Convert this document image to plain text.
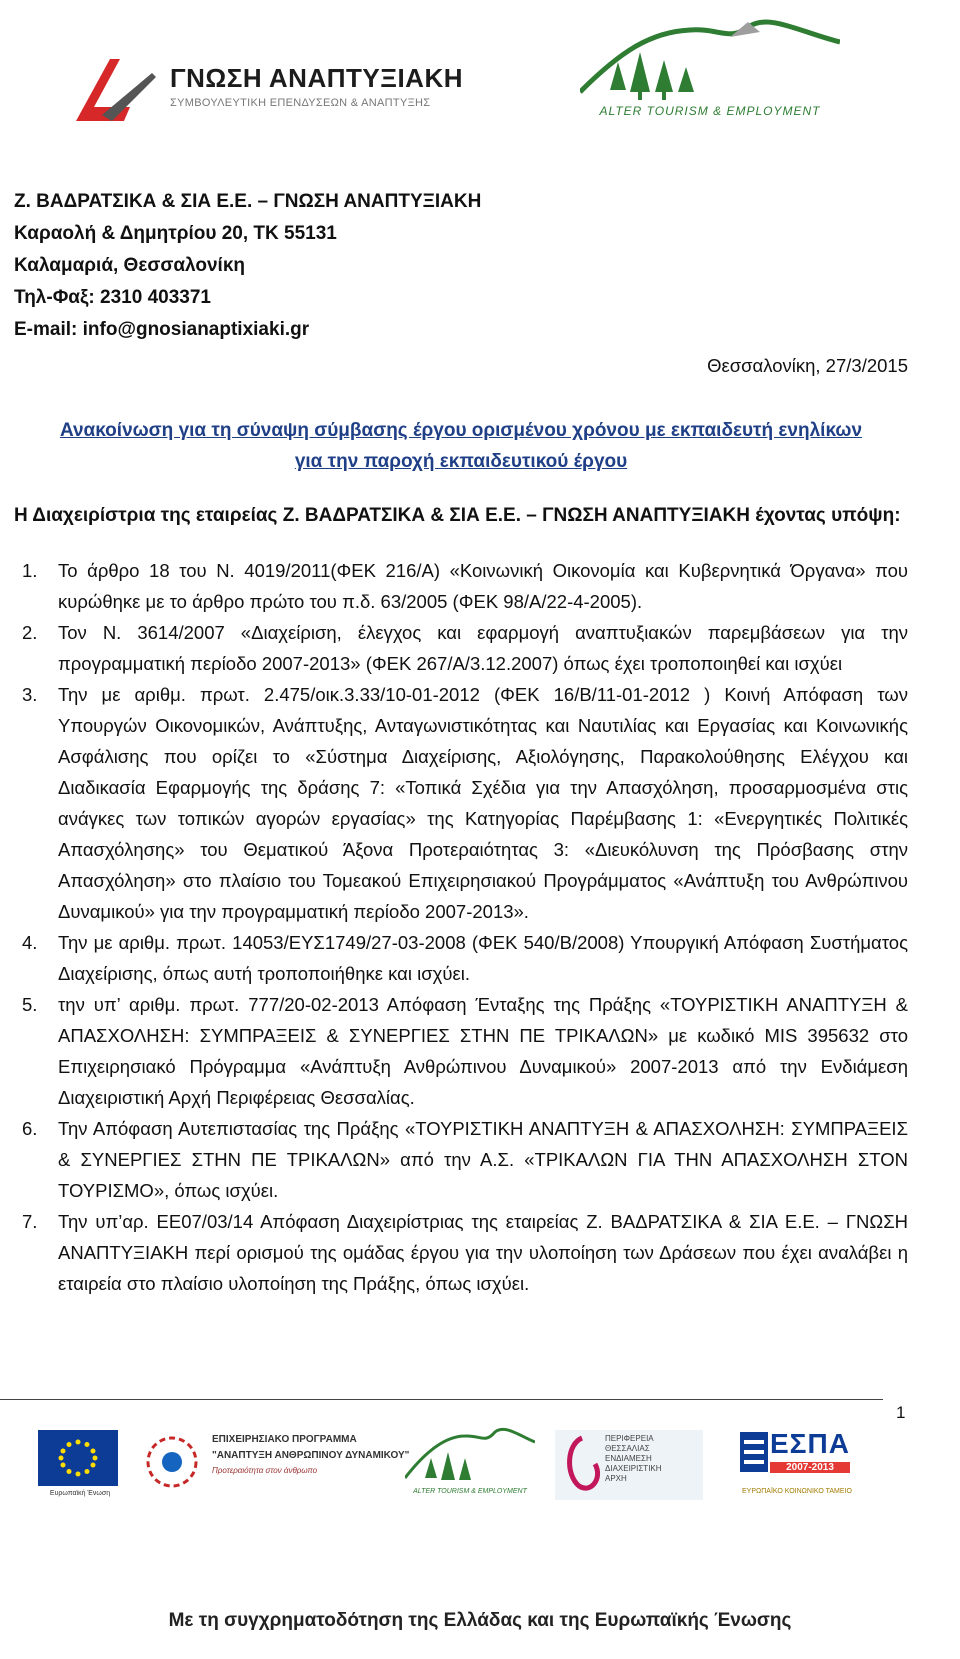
ΓΝΩΣΗ ΑΝΑΠΤΥΞΙΑΚΗ
ΣΥΜΒΟΥΛΕΥΤΙΚΗ ΕΠΕΝΔΥΣΕΩΝ & ΑΝΑΠΤΥΞΗΣ
ALTER TOURISM & EMPLOYMENT
Ζ. ΒΑΔΡΑΤΣΙΚΑ & ΣΙΑ Ε.Ε. – ΓΝΩΣΗ ΑΝΑΠΤΥΞΙΑΚΗ
Καραολή & Δημητρίου 20, ΤΚ 55131
Καλαμαριά, Θεσσαλονίκη
Τηλ-Φαξ: 2310 403371
E-mail: info@gnosianaptixiaki.gr
Θεσσαλονίκη, 27/3/2015
Ανακοίνωση για τη σύναψη σύμβασης έργου ορισμένου χρόνου με εκπαιδευτή ενηλίκων
για την παροχή εκπαιδευτικού έργου
Η Διαχειρίστρια της εταιρείας Ζ. ΒΑΔΡΑΤΣΙΚΑ & ΣΙΑ Ε.Ε. – ΓΝΩΣΗ ΑΝΑΠΤΥΞΙΑΚΗ έχοντας υπόψη:

1. Το άρθρο 18 του Ν. 4019/2011(ΦΕΚ 216/Α) «Κοινωνική Οικονομία και Κυβερνητικά Όργανα» που κυρώθηκε με το άρθρο πρώτο του π.δ. 63/2005 (ΦΕΚ 98/Α/22-4-2005).

2. Τον Ν. 3614/2007 «Διαχείριση, έλεγχος και εφαρμογή αναπτυξιακών παρεμβάσεων για την προγραμματική περίοδο 2007-2013» (ΦΕΚ 267/Α/3.12.2007) όπως έχει τροποποιηθεί και ισχύει

3. Την με αριθμ. πρωτ. 2.475/οικ.3.33/10-01-2012 (ΦΕΚ 16/Β/11-01-2012 ) Κοινή Απόφαση των Υπουργών Οικονομικών, Ανάπτυξης, Ανταγωνιστικότητας και Ναυτιλίας και Εργασίας και Κοινωνικής Ασφάλισης που ορίζει το «Σύστημα Διαχείρισης, Αξιολόγησης, Παρακολούθησης Ελέγχου και Διαδικασία Εφαρμογής της δράσης 7: «Τοπικά Σχέδια για την Απασχόληση, προσαρμοσμένα στις ανάγκες των τοπικών αγορών εργασίας» της Κατηγορίας Παρέμβασης 1: «Ενεργητικές Πολιτικές Απασχόλησης» του Θεματικού Άξονα Προτεραιότητας 3: «Διευκόλυνση της Πρόσβασης στην Απασχόληση» στο πλαίσιο του Τομεακού Επιχειρησιακού Προγράμματος «Ανάπτυξη του Ανθρώπινου Δυναμικού» για την προγραμματική περίοδο 2007-2013».

4. Την με αριθμ. πρωτ. 14053/ΕΥΣ1749/27-03-2008 (ΦΕΚ 540/Β/2008) Υπουργική Απόφαση Συστήματος Διαχείρισης, όπως αυτή τροποποιήθηκε και ισχύει.

5. την υπ’ αριθμ. πρωτ. 777/20-02-2013 Απόφαση Ένταξης της Πράξης «ΤΟΥΡΙΣΤΙΚΗ ΑΝΑΠΤΥΞΗ & ΑΠΑΣΧΟΛΗΣΗ: ΣΥΜΠΡΑΞΕΙΣ & ΣΥΝΕΡΓΙΕΣ ΣΤΗΝ ΠΕ ΤΡΙΚΑΛΩΝ» με κωδικό MIS 395632 στο Επιχειρησιακό Πρόγραμμα «Ανάπτυξη Ανθρώπινου Δυναμικού» 2007-2013 από την Ενδιάμεση Διαχειριστική Αρχή Περιφέρειας Θεσσαλίας.

6. Την Απόφαση Αυτεπιστασίας της Πράξης «ΤΟΥΡΙΣΤΙΚΗ ΑΝΑΠΤΥΞΗ & ΑΠΑΣΧΟΛΗΣΗ: ΣΥΜΠΡΑΞΕΙΣ & ΣΥΝΕΡΓΙΕΣ ΣΤΗΝ ΠΕ ΤΡΙΚΑΛΩΝ» από την Α.Σ. «ΤΡΙΚΑΛΩΝ ΓΙΑ ΤΗΝ ΑΠΑΣΧΟΛΗΣΗ ΣΤΟΝ ΤΟΥΡΙΣΜΟ», όπως ισχύει.

7. Την υπ’αρ. ΕΕ07/03/14 Απόφαση Διαχειρίστριας της εταιρείας Ζ. ΒΑΔΡΑΤΣΙΚΑ & ΣΙΑ Ε.Ε. – ΓΝΩΣΗ ΑΝΑΠΤΥΞΙΑΚΗ περί ορισμού της ομάδας έργου για την υλοποίηση των Δράσεων που έχει αναλάβει η εταιρεία στο πλαίσιο υλοποίηση της Πράξης, όπως ισχύει.

1
Ευρωπαϊκή Ένωση
ΕΠΙΧΕΙΡΗΣΙΑΚΟ ΠΡΟΓΡΑΜΜΑ
"ΑΝΑΠΤΥΞΗ ΑΝΘΡΩΠΙΝΟΥ ΔΥΝΑΜΙΚΟΥ"
Προτεραιότητα στον άνθρωπο
ALTER TOURISM & EMPLOYMENT
ΠΕΡΙΦΕΡΕΙΑ
ΘΕΣΣΑΛΙΑΣ
ΕΝΔΙΑΜΕΣΗ
ΔΙΑΧΕΙΡΙΣΤΙΚΗ
ΑΡΧΗ
ΕΣΠΑ
2007-2013
ΕΥΡΩΠΑΪΚΟ ΚΟΙΝΩΝΙΚΟ ΤΑΜΕΙΟ
Με τη συγχρηματοδότηση της Ελλάδας και της Ευρωπαϊκής Ένωσης
